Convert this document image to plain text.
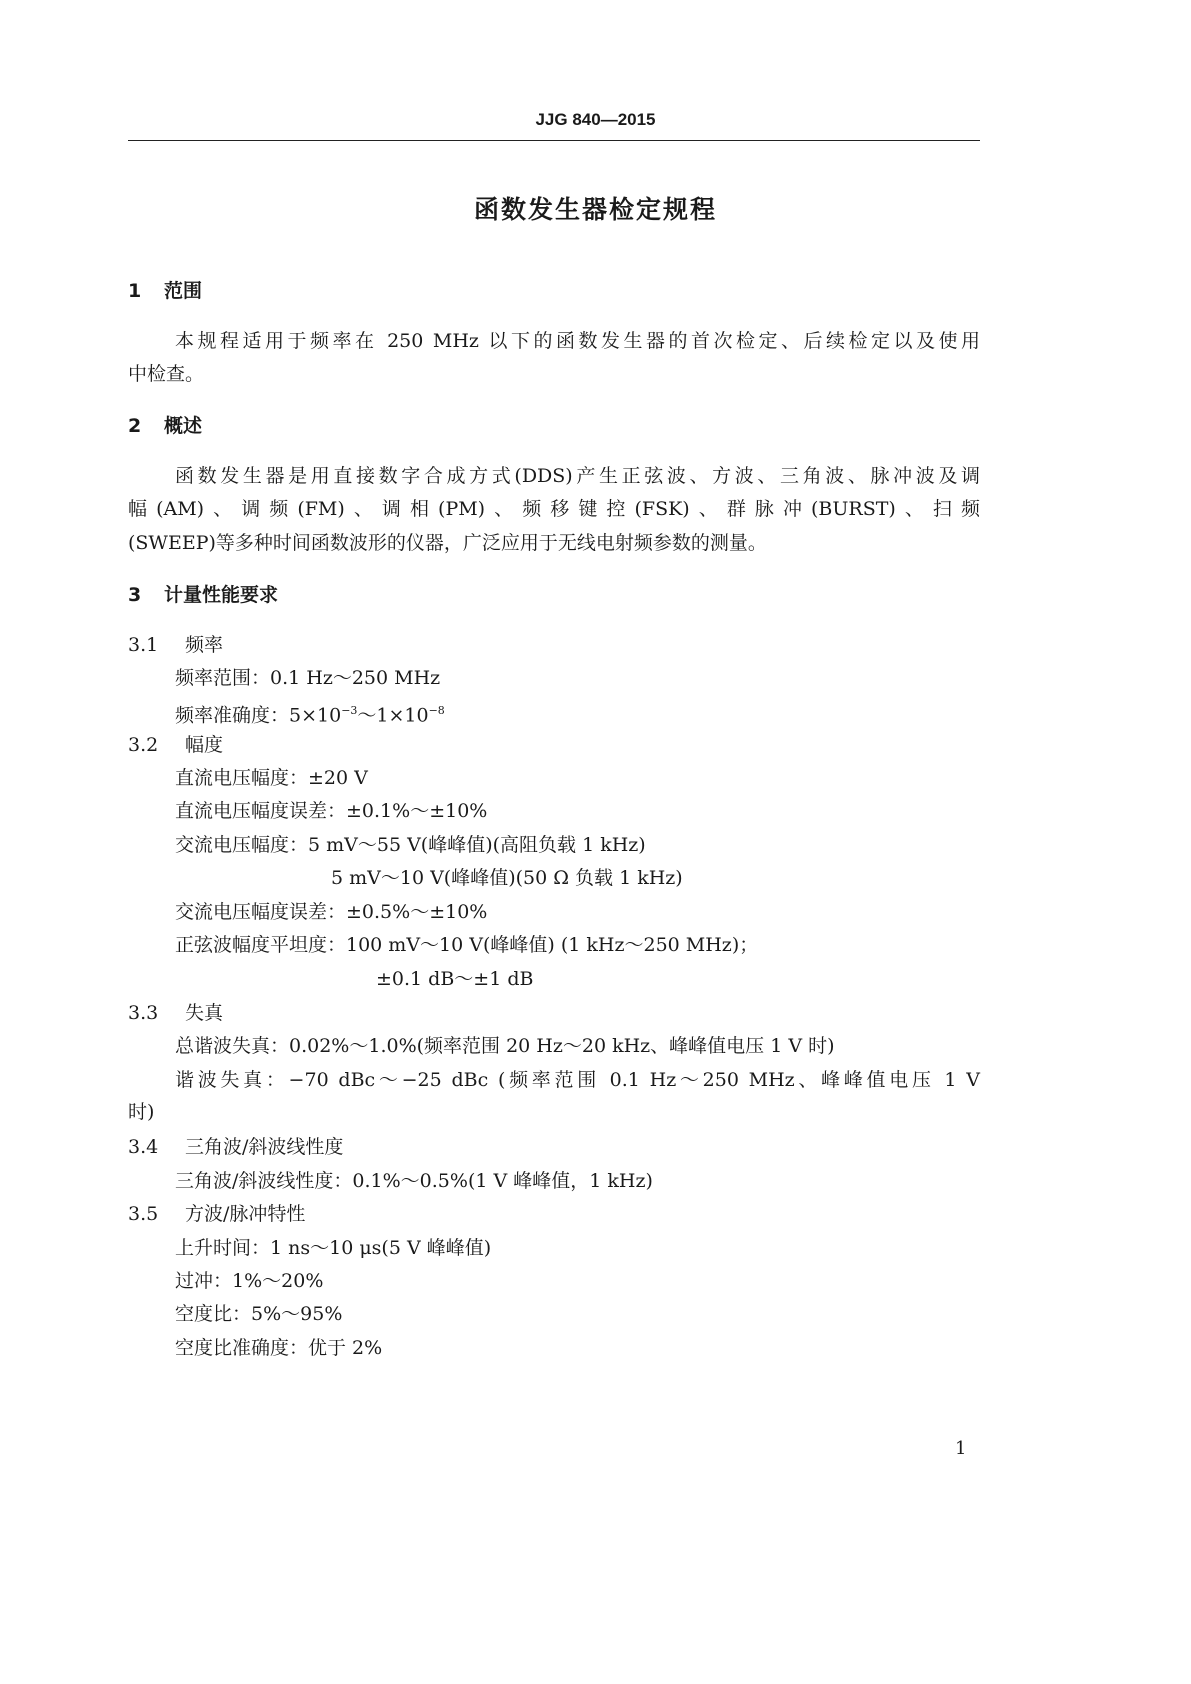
JJG 840—2015
函数发生器检定规程
1 范围
本规程适用于频率在 250 MHz 以下的函数发生器的首次检定、后续检定以及使用
中检查。
2 概述
函数发生器是用直接数字合成方式(DDS)产生正弦波、方波、三角波、脉冲波及调
幅(AM)、调频(FM)、调相(PM)、频移键控(FSK)、群脉冲(BURST)、扫频
(SWEEP)等多种时间函数波形的仪器，广泛应用于无线电射频参数的测量。
3 计量性能要求
3.1 频率
频率范围：0.1 Hz～250 MHz
频率准确度：$5\times 10^{-3}\sim 1\times 10^{-8}$
3.2 幅度
直流电压幅度：±20 V
直流电压幅度误差：±0.1%～±10%
交流电压幅度：5 mV～55 V(峰峰值)(高阻负载 1 kHz)
5 mV～10 V(峰峰值)(50 Ω 负载 1 kHz)
交流电压幅度误差：±0.5%～±10%
正弦波幅度平坦度：100 mV～10 V(峰峰值) (1 kHz～250 MHz)；
±0.1 dB～±1 dB
3.3 失真
总谐波失真：0.02%～1.0%(频率范围 20 Hz～20 kHz、峰峰值电压 1 V 时)
谐波失真：−70 dBc～−25 dBc (频率范围 0.1 Hz～250 MHz、峰峰值电压 1 V
时)
3.4 三角波/斜波线性度
三角波/斜波线性度：0.1%～0.5%(1 V 峰峰值，1 kHz)
3.5 方波/脉冲特性
上升时间：1 ns～10 μs(5 V 峰峰值)
过冲：1%～20%
空度比：5%～95%
空度比准确度：优于 2%
1
